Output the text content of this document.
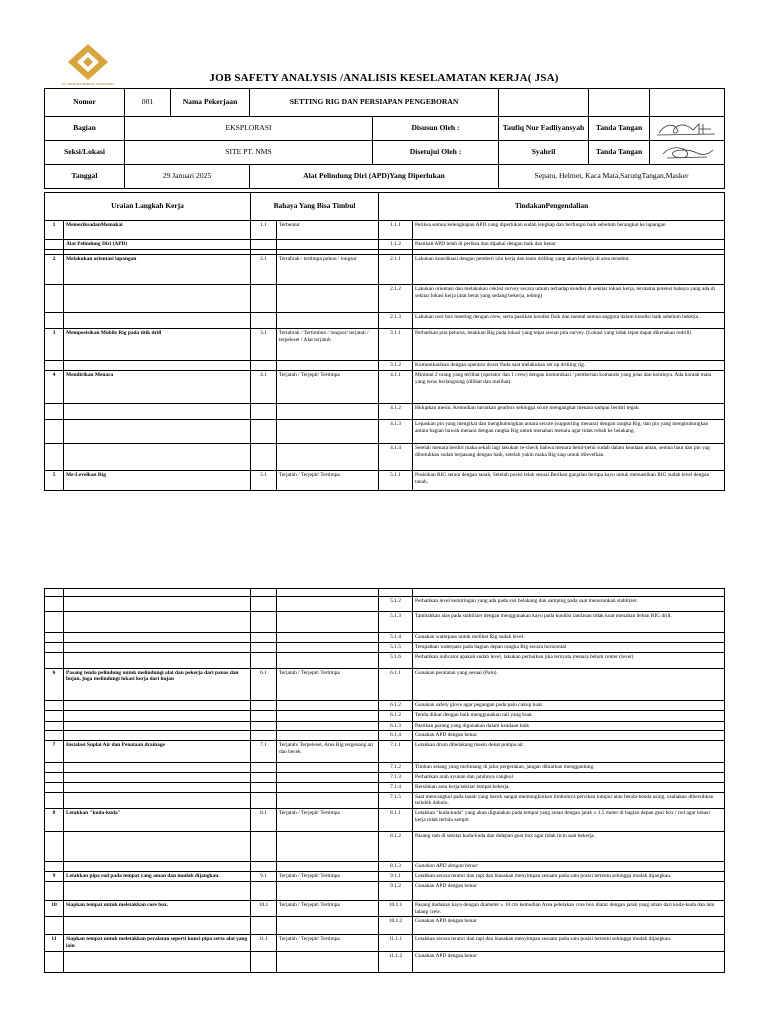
PT. ANTEGRA MINERAL NUSANTARA	JOB SAFETY ANALYSIS /ANALISIS KESELAMATAN KERJA( JSA)
Nomor	001	Nama Pekerjaan	SETTING RIG DAN PERSIAPAN PENGEBORAN				
Bagian	EKSPLORASI			Disusun Oleh :	Taufiq Nur Fadliyansyah	Tanda Tangan	

Seksi/Lokasi	SITE PT. NMS			Disetujui Oleh :	Syahril	Tanda Tangan	

Tanggal	29 Januari 2025		Alat Pelindung Diri (APD)Yang Diperlukan		Sepatu, Helmet, Kaca Mata,SarungTangan,Masker		
Uraian Langkah Kerja		Bahaya Yang Bisa Timbul		TindakanPengendalian	
1	MemeriksadanMemakai	1.1	Terbentur	1.1.1	Periksa semua kelengkapan APD yang diperlukan sudah lengkap dan berfungsi baik sebelum berangkat ke lapangan
	Alat Pelindung Diri (APD)			1.1.2	Pastikan APD telah di periksa dan dipakai dengan baik dan benar

2	Melakukan orientasi lapangan	2.1	Tertabrak / tertimpa pohon / longsor	2.1.1	Lakukan koordinasi dengan pemberi izin kerja dan team drilling yang akan bekerja di area tersebut.
				2.1.2	Lakukan orientasi dan melakukan ceklist survey secara umum terhadap kondisi di sekitar lokasi kerja, terutama potensi bahaya yang ada di sekitar lokasi kerja (alat berat yang sedang bekerja, tebing)
				2.1.3	Lakukan tool box meeting dengan crew, serta pastikan kondisi fisik dan mental semua anggota dalam kondisi baik sebelum bekerja .
3	Memposisikan Mobile Rig pada titik drill	3.1	Tertabrak / Tertimbun / longsor/ terjatuh / terpeleset / Alat terjatuh	3.1.1	Perhatikan pita pelurus, letakkan Rig pada lokasi yang tepat sesuai pita survey. (Lokasi yang tidak tepat dapat dikenakan redrill)
				3.1.2	Komunikasikan dengan operator dozer Pada saat melakukan set up drilling rig.
4	Mendirikan Menara	4.1	Terjatuh / Terjepit/ Tertimpa	4.1.1	Minimal 2 orang yang terlibat (operator dan 1 crew) dengan komunikasi / pemberian komando yang jelas dan kontinyu. Ada kontak mata yang terus berlangsung (dilihat dan melihat).
				4.1.2	Hidupkan mesin, Kemudian turunkan gearbox sehingga score mengangkat menara sampai berdiri tegak.
				4.1.3	Lepaskan pin yang mengikat dan menghubungkan antara secure (supporting menara) dengan rangka Rig, dan pin yang menghubungkan antara bagian bawah menara dengan rangka Rig untuk menahan menara agar tidak rebah ke belakang.
				4.1.4	Setelah menara berdiri maka sekali lagi lakukan re-check bahwa menara betul-betul sudah dalam keadaan aman, semua baut dan pin yag dibutuhkan sudah terpasang dengan baik, setelah yakin maka Rig siap untuk dilevelkan.
5	Me-Levelkan Rig	5.1	Terjatuh / Terjepit/ Tertimpa	5.1.1	Posisikan RIG serata dengan tanah, Setelah posisi telah sesuai Berikan ganjalan berupa kayu untuk memastikan RIG sudah level dengan tanah.

				5.1.2	Perhatikan level kemiringan yang ada pada sisi belakang dan samping pada saat menurunkan stabilizer.
				5.1.3	Tambahkan alas pada stabilizer dengan menggunakan kayu pada kondisi landasan tidak kuat menahan beban RIG drill.
				5.1.4	Gunakan waterpass untuk melihat Rig sudah level.
				5.1.5	Tempatkan waterpass pada bagian depan rangka Rig secara horizontal
				5.1.6	Perhatikan indicator apakah sudah level, lakukan perbaikan jika ternyata menara belum center (level)
6	Pasang tenda pelindung untuk melindungi alat dan pekerja dari panas dan hujan, juga melindungi lokasi kerja dari hujan	6.1	Terjatuh / Terjepit/ Tertimpa	6.1.1	Gunakan peralatan yang sesuai (Palu).
				6.1.2	Gunakan safety glove agar pegangan pada palu cukup kuat.
				6.1.2	Tenda diikat dengan baik menggunakan tali yang kuat.
				6.1.3	Pastikan parang yang digunakan dalam keadaan baik
				6.1.4	Gunakan APD dengan benar.
7	Instalasi Suplai Air dan Penataan drainage	7.1	Terjatuh/ Terpeleset, Area Rig tergenang air dan becek	7.1.1	Letakkan drum dibelakang mesin dekat pompa air.
				7.1.2	Timbun selang yang melintang di jalur pergerakan, jangan dibiarkan menggantung.
				7.1.3	Perhatikan arah ayunan dan jatuhnya cangkul
				7.1.4	Bersihkan area kerja/sekitar tempat bekerja.
				7.1.5	Saat mencangkul pada tanah yang becek sangat memungkinkan timbulnya percikan lumpur atau benda-benda asing, usahakan dibersihkan terlebih dahulu.
8	Letakkan "kuda-kuda"	8.1	Terjatuh / Terjepit/ Tertimpa	8.1.1	Letakkan "kuda-kuda" yang akan digunakan pada tempat yang aman dengan jarak ± 1,5 meter di bagian depan gear box / rod agar lokasi kerja tidak terlalu sempit
				8.1.2	Pasang ram di sekitar kuda-kuda dan didepan gear box agar tidak licin saat bekerja.
				8.1.3	Gunakan APD dengan benar
9	Letakkan pipa rod pada tempat yang aman dan mudah dijangkau.	9.1	Terjatuh / Terjepit/ Tertimpa	9.1.1	Letakkan secara teratur dan rapi dan biasakan menyimpan sesuatu pada satu posisi tertentu sehingga mudah dijangkau.
				9.1.2	Gunakan APD dengan benar
10	Siapkan tempat untuk meletakkan core box.	10.1	Terjatuh / Terjepit/ Tertimpa	10.1.1	Pasang dudukan kayu dengan diameter ± 10 cm kemudian Area peletakan core box diatur dengan jarak yang aman dari kuda-kuda dan lalu lalang crew.
				10.1.2	Gunakan APD dengan benar
11	Siapkan tempat untuk meletakkan peralatan seperti kunci pipa serta alat yang lain	11.1	Terjatuh / Terjepit/ Tertimpa	11.1.1	Letakkan secara teratur dan rapi dan biasakan menyimpan sesuatu pada satu posisi tertentu sehingga mudah dijangkau.
				11.1.2	Gunakan APD dengan benar
